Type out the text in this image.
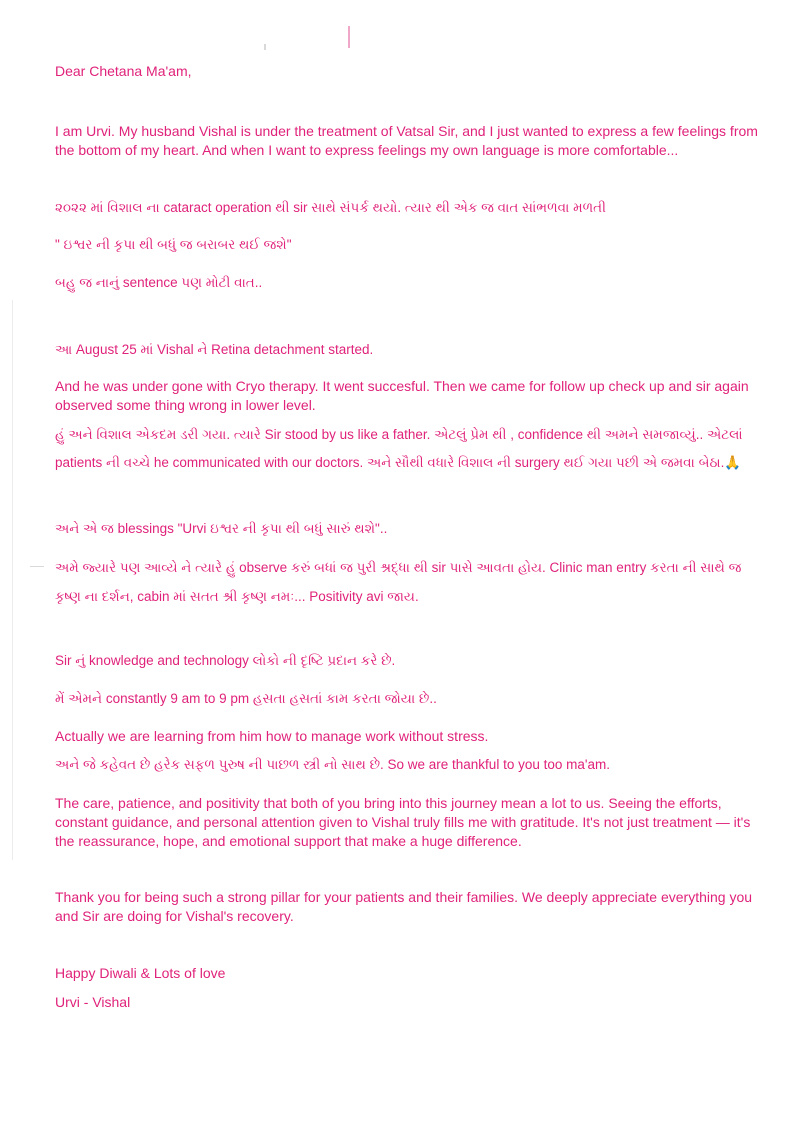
Dear Chetana Ma'am,

I am Urvi. My husband Vishal is under the treatment of Vatsal Sir, and I just wanted to express a few feelings from the bottom of my heart. And when I want to express feelings my own language is more comfortable...

૨૦૨૨ માં વિશાલ ના cataract operation થી sir સાથે સંપર્ક થયો. ત્યાર થી એક જ વાત સાંભળવા મળતી

" ઇશ્વર ની કૃપા થી બધું જ બરાબર થઈ જશે"

બહુ જ નાનું sentence પણ મોટી વાત..

આ August 25 માં Vishal ને Retina detachment started.

And he was under gone with Cryo therapy. It went succesful. Then we came for follow up check up and sir again observed some thing wrong in lower level.

હું અને વિશાલ એકદમ ડરી ગયા. ત્યારે Sir stood by us like a father. એટલું પ્રેમ થી , confidence થી અમને સમજાવ્યું.. એટલાં patients ની વચ્ચે he communicated with our doctors. અને સૌથી વધારે વિશાલ ની surgery થઈ ગયા પછી એ જમવા બેઠા.🙏

અને એ જ blessings "Urvi ઇશ્વર ની કૃપા થી બધું સારું થશે"..

અમે જ્યારે પણ આવ્યે ને ત્યારે હું observe કરું બધાં જ પુરી શ્રદ્ધા થી sir પાસે આવતા હોય. Clinic man entry કરતા ની સાથે જ કૃષ્ણ ના દર્શન, cabin માં સતત શ્રી કૃષ્ણ નમઃ... Positivity avi જાય.

Sir નું knowledge and technology લોકો ની દૃષ્ટિ પ્રદાન કરે છે.

મેં એમને constantly 9 am to 9 pm હસતા હસતાં કામ કરતા જોયા છે..

Actually we are learning from him how to manage work without stress.

અને જે કહેવત છે હરેક સફળ પુરુષ ની પાછળ સ્ત્રી નો સાથ છે. So we are thankful to you too ma'am.

The care, patience, and positivity that both of you bring into this journey mean a lot to us. Seeing the efforts, constant guidance, and personal attention given to Vishal truly fills me with gratitude. It's not just treatment — it's the reassurance, hope, and emotional support that make a huge difference.

Thank you for being such a strong pillar for your patients and their families. We deeply appreciate everything you and Sir are doing for Vishal's recovery.

Happy Diwali & Lots of love

Urvi - Vishal
